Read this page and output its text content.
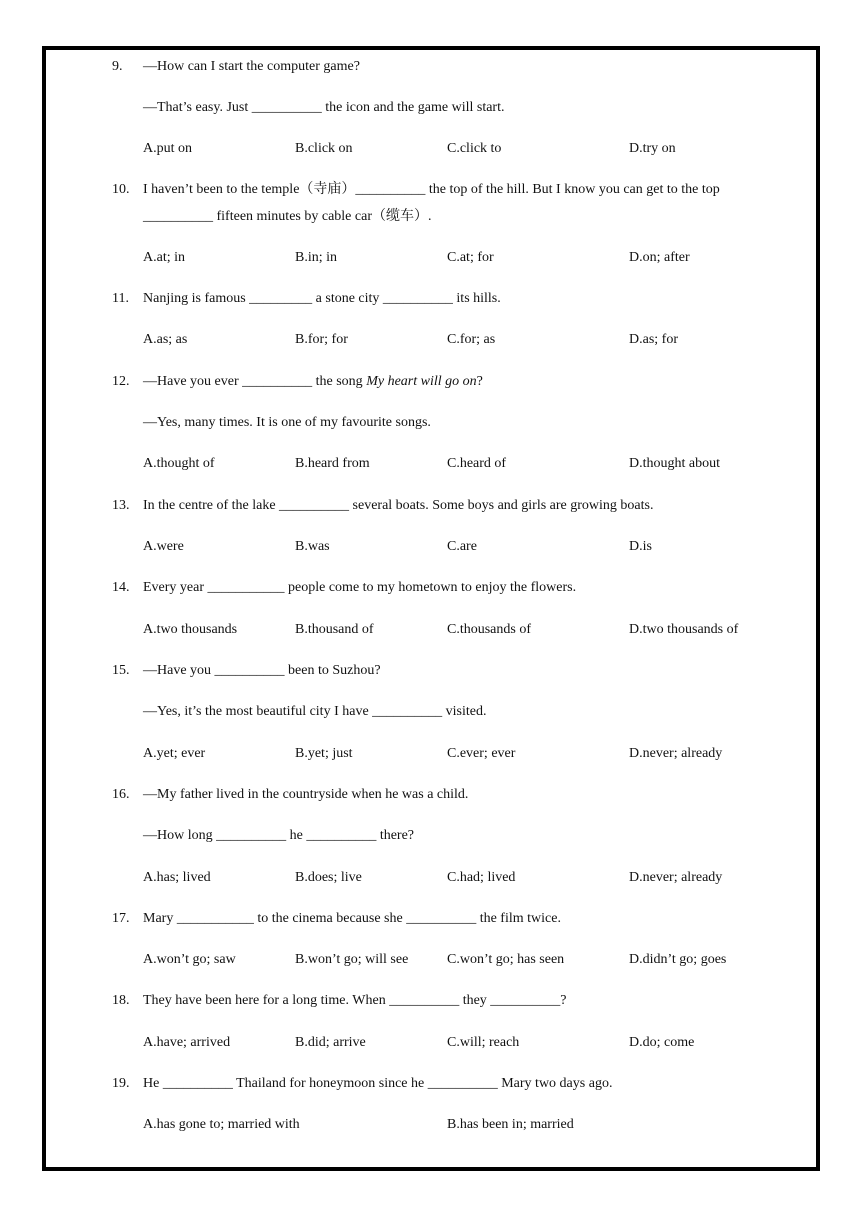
9. —How can I start the computer game?
—That’s easy. Just __________ the icon and the game will start.
A.put on	B.click on	C.click to	D.try on
10. I haven’t been to the temple（寺庙）__________ the top of the hill. But I know you can get to the top
__________ fifteen minutes by cable car（缆车）.
A.at; in	B.in; in	C.at; for	D.on; after
11. Nanjing is famous _________ a stone city __________ its hills.
A.as; as	B.for; for	C.for; as	D.as; for
12. —Have you ever __________ the song My heart will go on?
—Yes, many times. It is one of my favourite songs.
A.thought of	B.heard from	C.heard of	D.thought about
13. In the centre of the lake __________ several boats. Some boys and girls are growing boats.
A.were	B.was	C.are	D.is
14. Every year ___________ people come to my hometown to enjoy the flowers.
A.two thousands	B.thousand of	C.thousands of	D.two thousands of
15. —Have you __________ been to Suzhou?
—Yes, it’s the most beautiful city I have __________ visited.
A.yet; ever	B.yet; just	C.ever; ever	D.never; already
16. —My father lived in the countryside when he was a child.
—How long __________ he __________ there?
A.has; lived	B.does; live	C.had; lived	D.never; already
17. Mary ___________ to the cinema because she __________ the film twice.
A.won’t go; saw	B.won’t go; will see	C.won’t go; has seen	D.didn’t go; goes
18. They have been here for a long time. When __________ they __________?
A.have; arrived	B.did; arrive	C.will; reach	D.do; come
19. He __________ Thailand for honeymoon since he __________ Mary two days ago.
A.has gone to; married with	B.has been in; married
